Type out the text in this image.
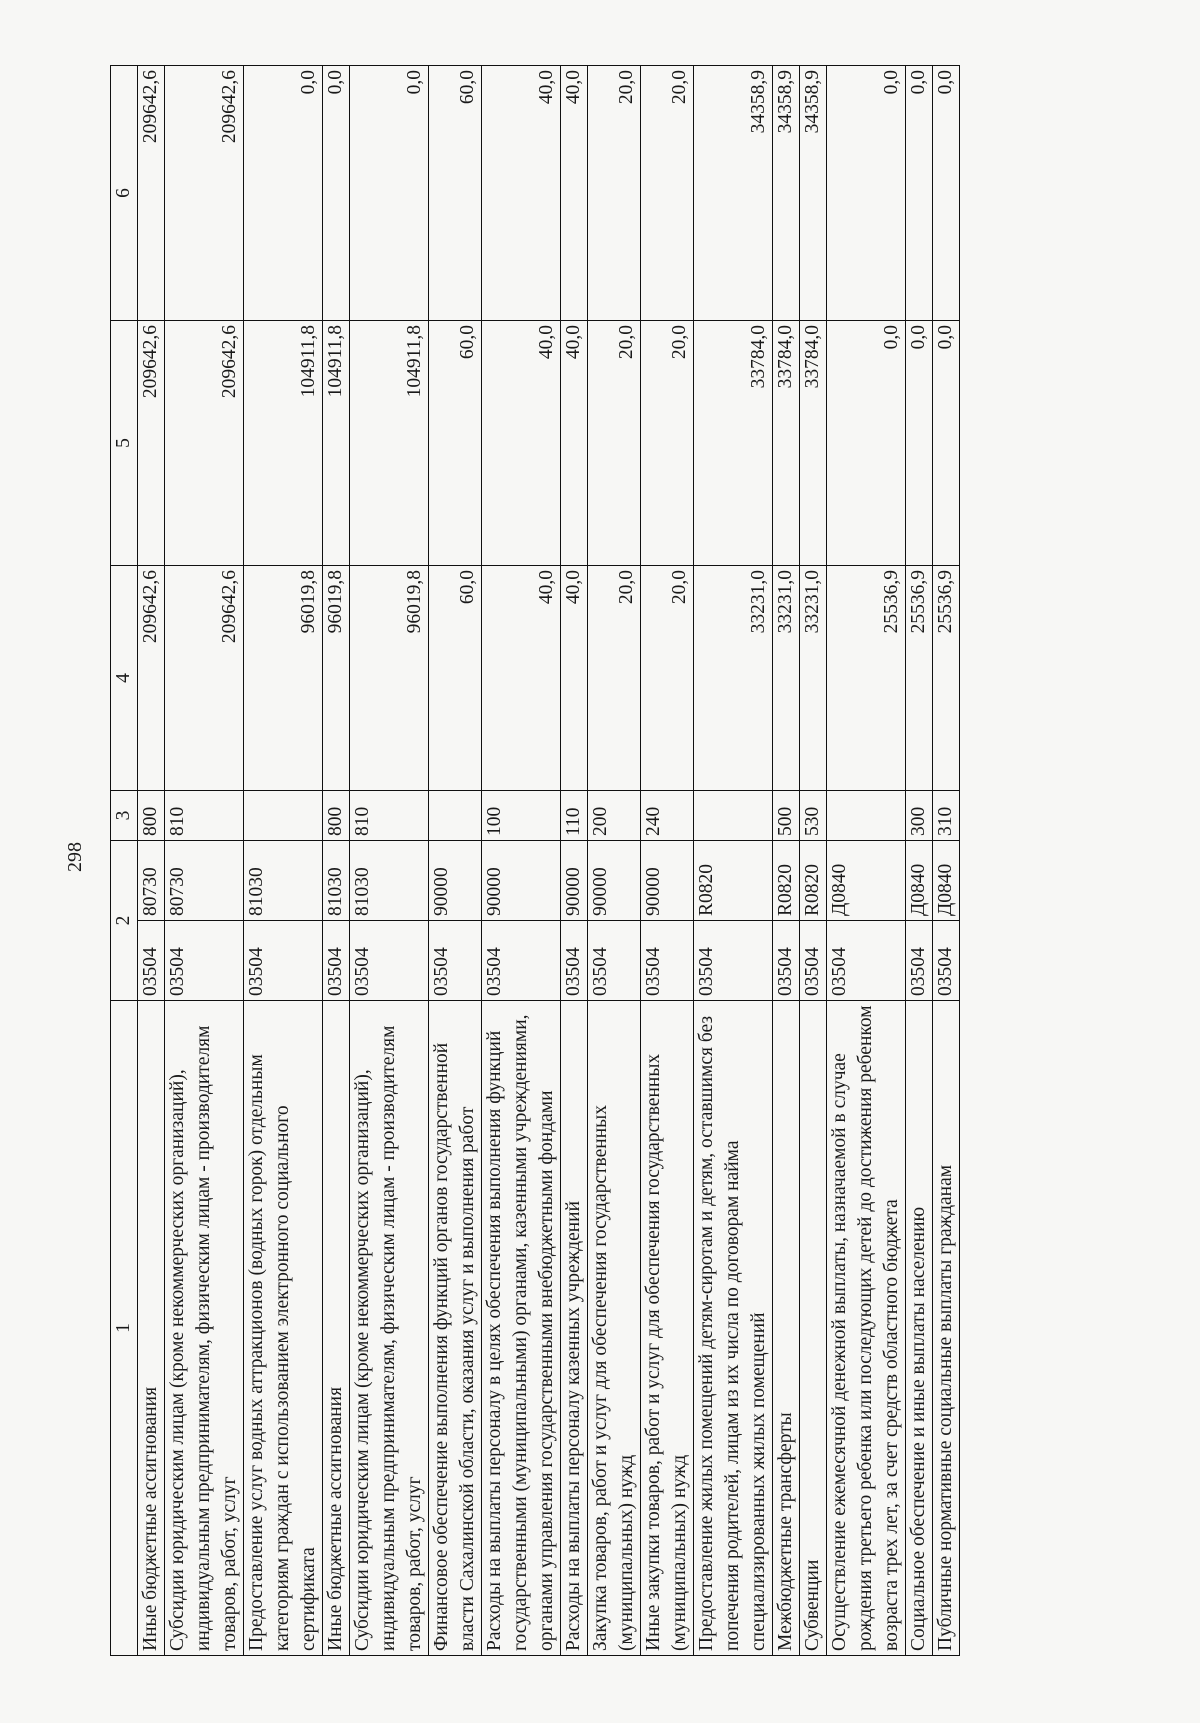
298
1	2		3	4	5	6
Иные бюджетные ассигнования	03504	80730	800	209642,6	209642,6	209642,6
Субсидии юридическим лицам (кроме некоммерческих организаций), индивидуальным предпринимателям, физическим лицам - производителям товаров, работ, услуг	03504	80730	810	209642,6	209642,6	209642,6
Предоставление услуг водных аттракционов (водных горок) отдельным категориям граждан с использованием электронного социального сертификата	03504	81030		96019,8	104911,8	0,0
Иные бюджетные ассигнования	03504	81030	800	96019,8	104911,8	0,0
Субсидии юридическим лицам (кроме некоммерческих организаций), индивидуальным предпринимателям, физическим лицам - производителям товаров, работ, услуг	03504	81030	810	96019,8	104911,8	0,0
Финансовое обеспечение выполнения функций органов государственной власти Сахалинской области, оказания услуг и выполнения работ	03504	90000		60,0	60,0	60,0
Расходы на выплаты персоналу в целях обеспечения выполнения функций государственными (муниципальными) органами, казенными учреждениями, органами управления государственными внебюджетными фондами	03504	90000	100	40,0	40,0	40,0
Расходы на выплаты персоналу казенных учреждений	03504	90000	110	40,0	40,0	40,0
Закупка товаров, работ и услуг для обеспечения государственных (муниципальных) нужд	03504	90000	200	20,0	20,0	20,0
Иные закупки товаров, работ и услуг для обеспечения государственных (муниципальных) нужд	03504	90000	240	20,0	20,0	20,0
Предоставление жилых помещений детям-сиротам и детям, оставшимся без попечения родителей, лицам из их числа по договорам найма специализированных жилых помещений	03504	R0820		33231,0	33784,0	34358,9
Межбюджетные трансферты	03504	R0820	500	33231,0	33784,0	34358,9
Субвенции	03504	R0820	530	33231,0	33784,0	34358,9
Осуществление ежемесячной денежной выплаты, назначаемой в случае рождения третьего ребенка или последующих детей до достижения ребенком возраста трех лет, за счет средств областного бюджета	03504	Д0840		25536,9	0,0	0,0
Социальное обеспечение и иные выплаты населению	03504	Д0840	300	25536,9	0,0	0,0
Публичные нормативные социальные выплаты гражданам	03504	Д0840	310	25536,9	0,0	0,0
